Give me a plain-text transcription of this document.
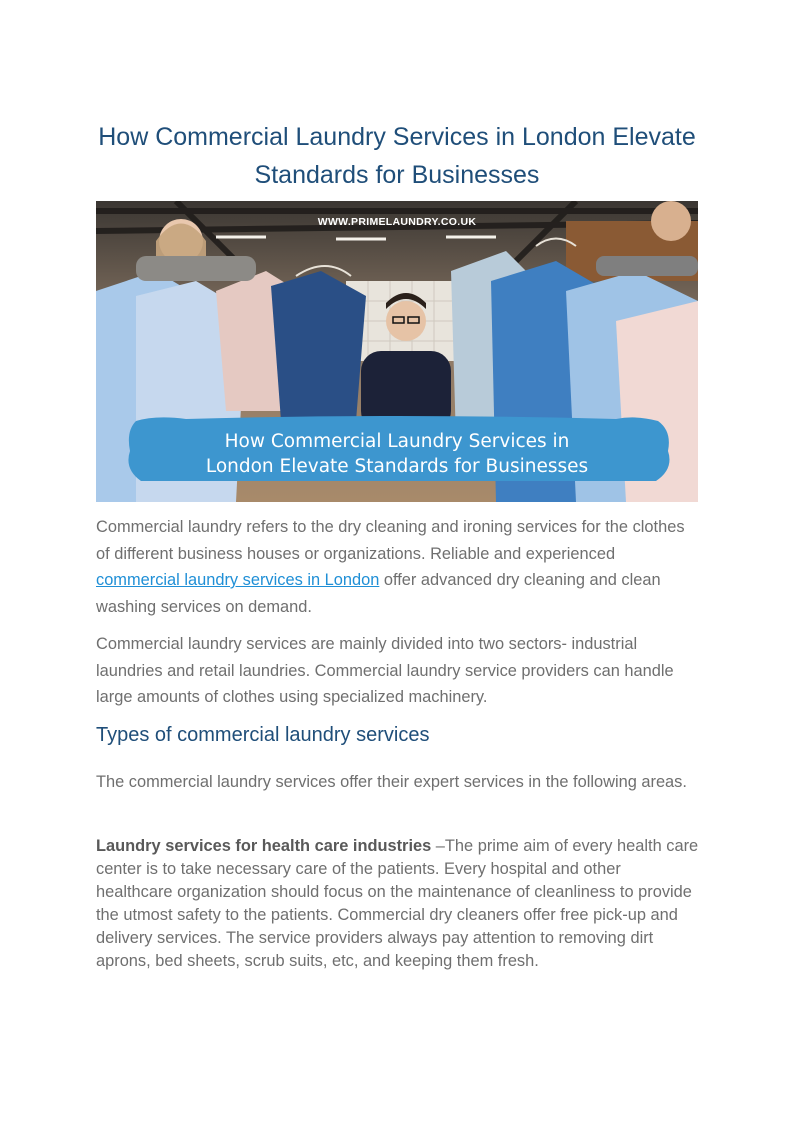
How Commercial Laundry Services in London Elevate Standards for Businesses
WWW.PRIMELAUNDRY.CO.UK
How Commercial Laundry Services in
London Elevate Standards for Businesses

Commercial laundry refers to the dry cleaning and ironing services for the clothes of different business houses or organizations. Reliable and experienced commercial laundry services in London offer advanced dry cleaning and clean washing services on demand.

Commercial laundry services are mainly divided into two sectors- industrial laundries and retail laundries. Commercial laundry service providers can handle large amounts of clothes using specialized machinery.

Types of commercial laundry services

The commercial laundry services offer their expert services in the following areas.

Laundry services for health care industries –The prime aim of every health care center is to take necessary care of the patients. Every hospital and other healthcare organization should focus on the maintenance of cleanliness to provide the utmost safety to the patients. Commercial dry cleaners offer free pick-up and delivery services. The service providers always pay attention to removing dirt aprons, bed sheets, scrub suits, etc, and keeping them fresh.
